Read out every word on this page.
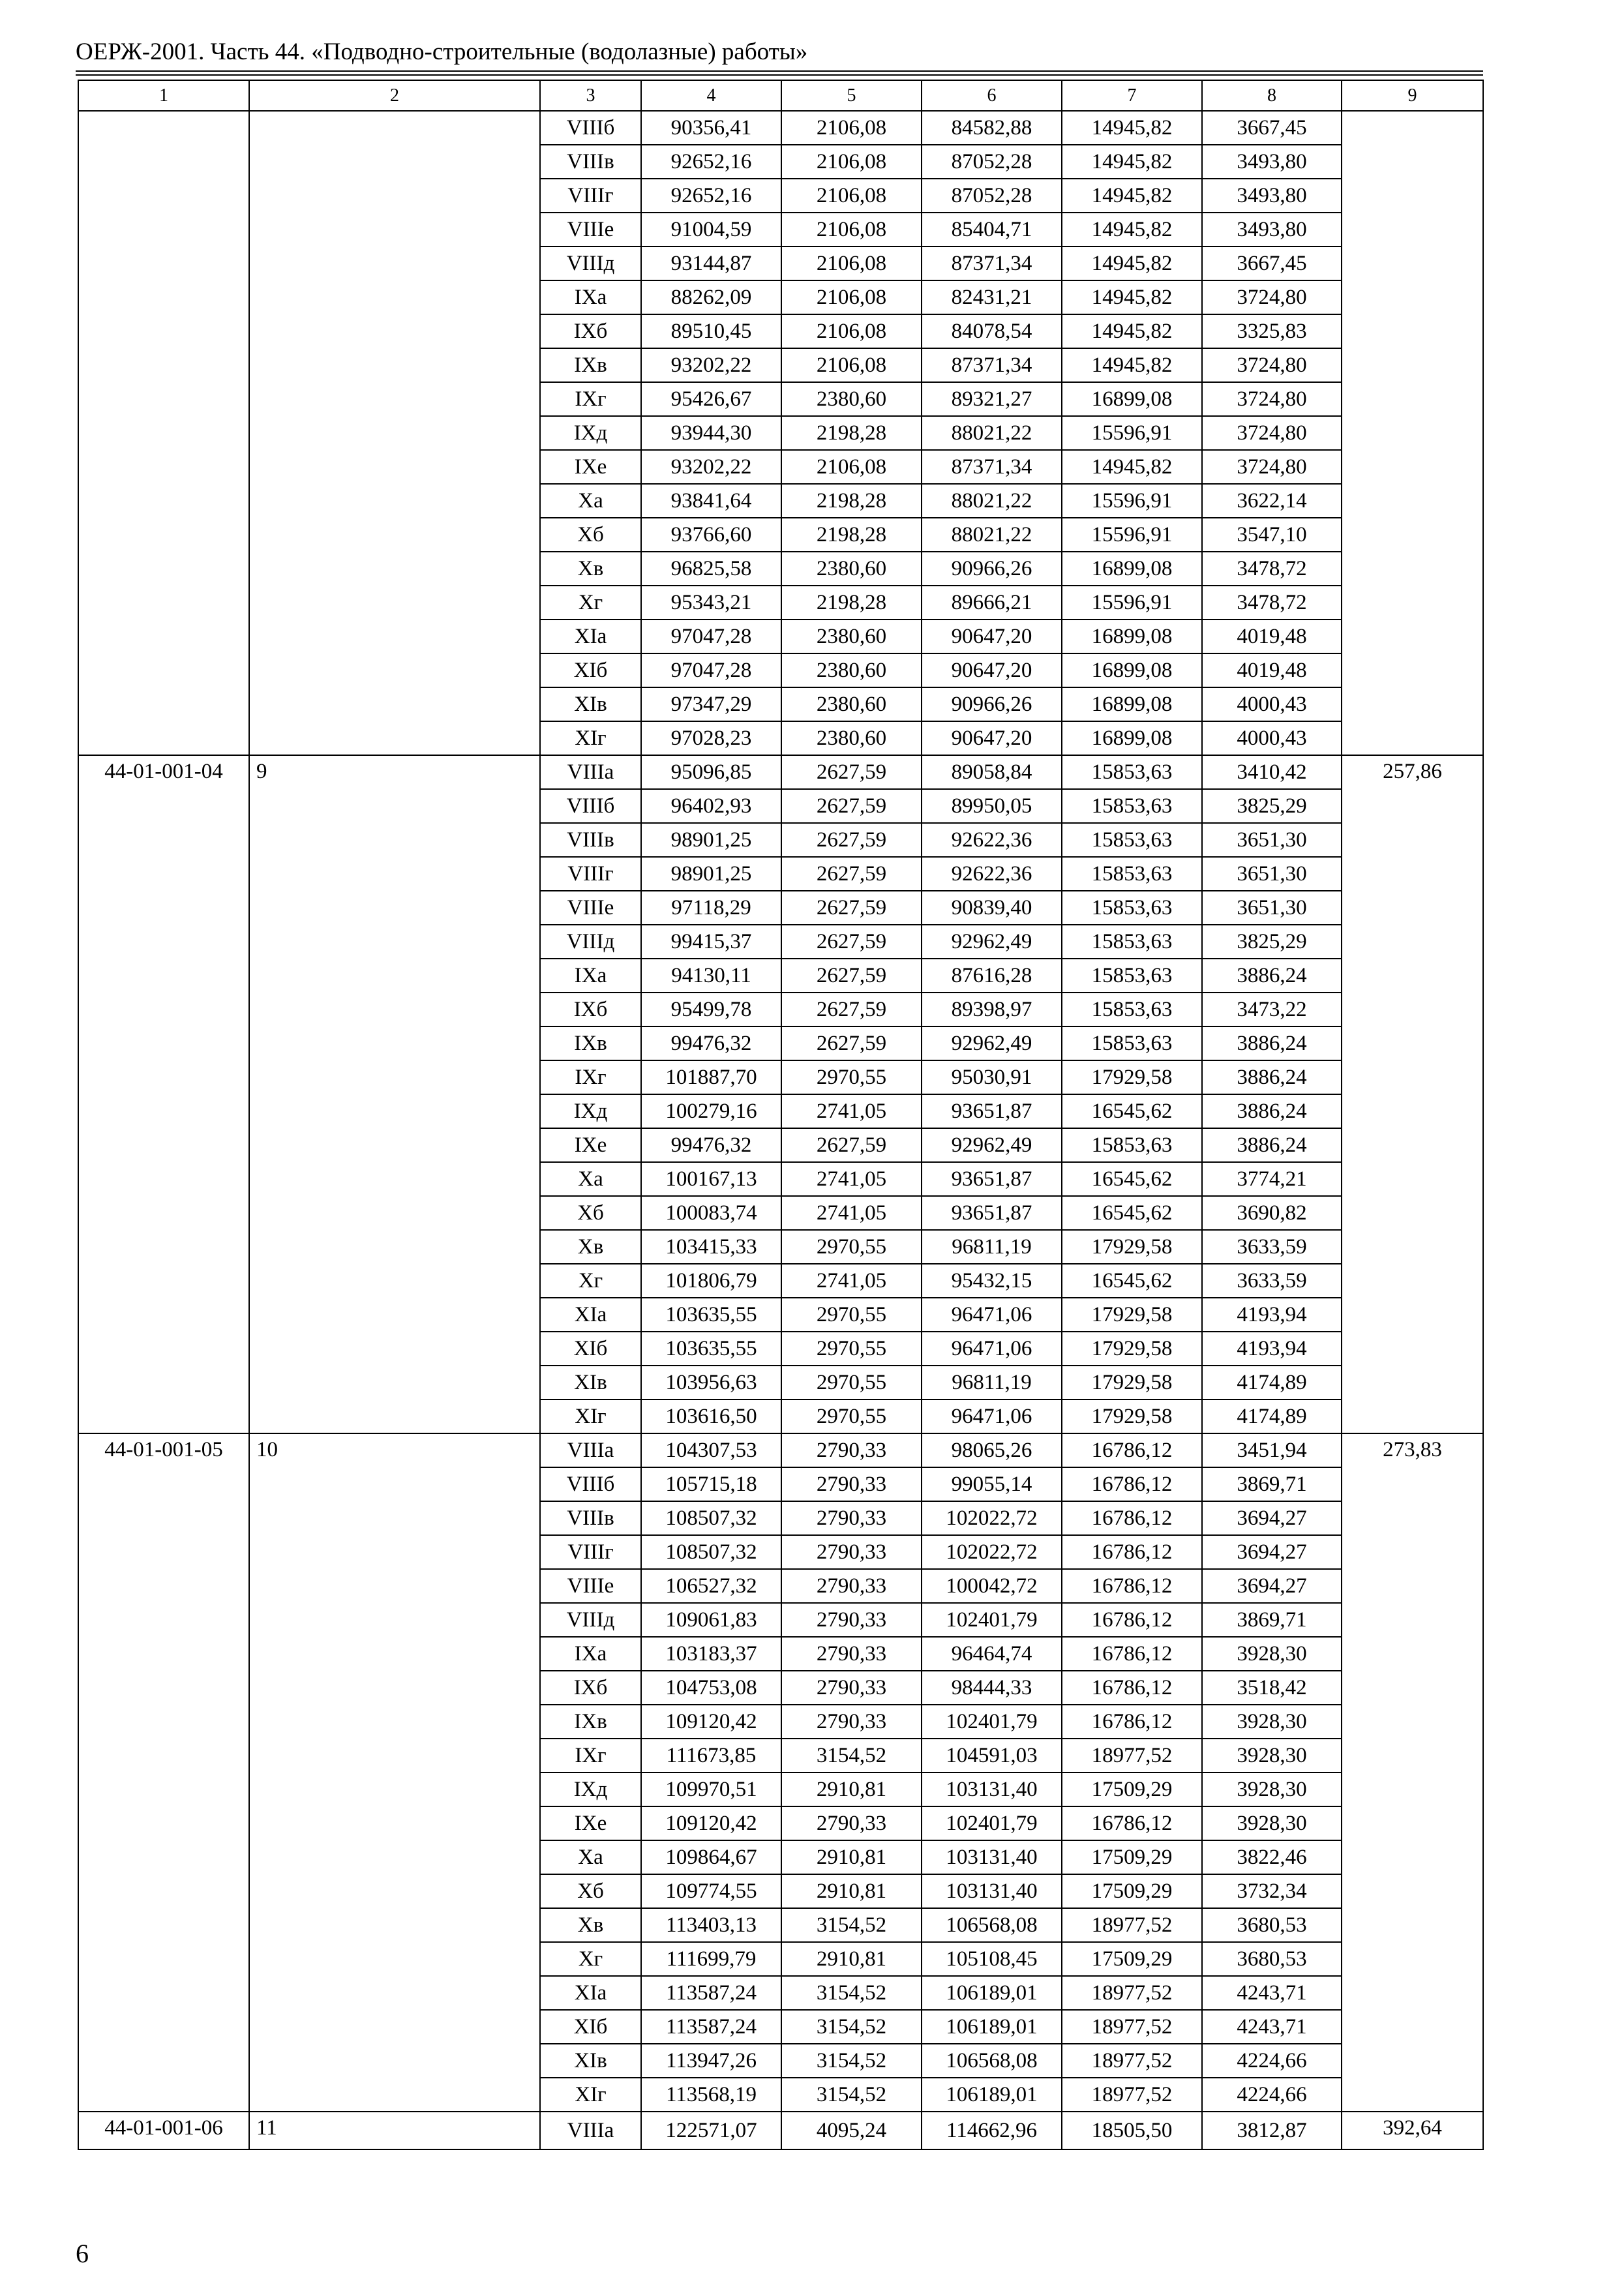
ОЕРЖ-2001. Часть 44. «Подводно-строительные (водолазные) работы»
1	2	3	4	5	6	7	8	9
		VIIIб	90356,41	2106,08	84582,88	14945,82	3667,45	
		VIIIв	92652,16	2106,08	87052,28	14945,82	3493,80	
		VIIIг	92652,16	2106,08	87052,28	14945,82	3493,80	
		VIIIе	91004,59	2106,08	85404,71	14945,82	3493,80	
		VIIIд	93144,87	2106,08	87371,34	14945,82	3667,45	
		IXа	88262,09	2106,08	82431,21	14945,82	3724,80	
		IXб	89510,45	2106,08	84078,54	14945,82	3325,83	
		IXв	93202,22	2106,08	87371,34	14945,82	3724,80	
		IXг	95426,67	2380,60	89321,27	16899,08	3724,80	
		IXд	93944,30	2198,28	88021,22	15596,91	3724,80	
		IXе	93202,22	2106,08	87371,34	14945,82	3724,80	
		Xа	93841,64	2198,28	88021,22	15596,91	3622,14	
		Xб	93766,60	2198,28	88021,22	15596,91	3547,10	
		Xв	96825,58	2380,60	90966,26	16899,08	3478,72	
		Xг	95343,21	2198,28	89666,21	15596,91	3478,72	
		XIа	97047,28	2380,60	90647,20	16899,08	4019,48	
		XIб	97047,28	2380,60	90647,20	16899,08	4019,48	
		XIв	97347,29	2380,60	90966,26	16899,08	4000,43	
		XIг	97028,23	2380,60	90647,20	16899,08	4000,43	
44-01-001-04	9	VIIIа	95096,85	2627,59	89058,84	15853,63	3410,42	257,86
		VIIIб	96402,93	2627,59	89950,05	15853,63	3825,29	
		VIIIв	98901,25	2627,59	92622,36	15853,63	3651,30	
		VIIIг	98901,25	2627,59	92622,36	15853,63	3651,30	
		VIIIе	97118,29	2627,59	90839,40	15853,63	3651,30	
		VIIIд	99415,37	2627,59	92962,49	15853,63	3825,29	
		IXа	94130,11	2627,59	87616,28	15853,63	3886,24	
		IXб	95499,78	2627,59	89398,97	15853,63	3473,22	
		IXв	99476,32	2627,59	92962,49	15853,63	3886,24	
		IXг	101887,70	2970,55	95030,91	17929,58	3886,24	
		IXд	100279,16	2741,05	93651,87	16545,62	3886,24	
		IXе	99476,32	2627,59	92962,49	15853,63	3886,24	
		Xа	100167,13	2741,05	93651,87	16545,62	3774,21	
		Xб	100083,74	2741,05	93651,87	16545,62	3690,82	
		Xв	103415,33	2970,55	96811,19	17929,58	3633,59	
		Xг	101806,79	2741,05	95432,15	16545,62	3633,59	
		XIа	103635,55	2970,55	96471,06	17929,58	4193,94	
		XIб	103635,55	2970,55	96471,06	17929,58	4193,94	
		XIв	103956,63	2970,55	96811,19	17929,58	4174,89	
		XIг	103616,50	2970,55	96471,06	17929,58	4174,89	
44-01-001-05	10	VIIIа	104307,53	2790,33	98065,26	16786,12	3451,94	273,83
		VIIIб	105715,18	2790,33	99055,14	16786,12	3869,71	
		VIIIв	108507,32	2790,33	102022,72	16786,12	3694,27	
		VIIIг	108507,32	2790,33	102022,72	16786,12	3694,27	
		VIIIе	106527,32	2790,33	100042,72	16786,12	3694,27	
		VIIIд	109061,83	2790,33	102401,79	16786,12	3869,71	
		IXа	103183,37	2790,33	96464,74	16786,12	3928,30	
		IXб	104753,08	2790,33	98444,33	16786,12	3518,42	
		IXв	109120,42	2790,33	102401,79	16786,12	3928,30	
		IXг	111673,85	3154,52	104591,03	18977,52	3928,30	
		IXд	109970,51	2910,81	103131,40	17509,29	3928,30	
		IXе	109120,42	2790,33	102401,79	16786,12	3928,30	
		Xа	109864,67	2910,81	103131,40	17509,29	3822,46	
		Xб	109774,55	2910,81	103131,40	17509,29	3732,34	
		Xв	113403,13	3154,52	106568,08	18977,52	3680,53	
		Xг	111699,79	2910,81	105108,45	17509,29	3680,53	
		XIа	113587,24	3154,52	106189,01	18977,52	4243,71	
		XIб	113587,24	3154,52	106189,01	18977,52	4243,71	
		XIв	113947,26	3154,52	106568,08	18977,52	4224,66	
		XIг	113568,19	3154,52	106189,01	18977,52	4224,66	
44-01-001-06	11	VIIIа	122571,07	4095,24	114662,96	18505,50	3812,87	392,64
6
